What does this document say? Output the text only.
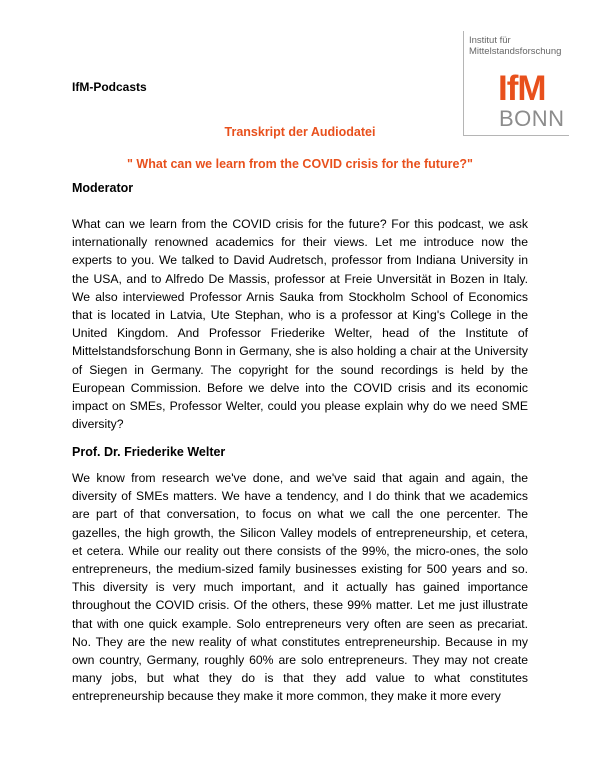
Institut für
Mittelstandsforschung
IfM
BONN
IfM-Podcasts
Transkript der Audiodatei
" What can we learn from the COVID crisis for the future?"
Moderator
What can we learn from the COVID crisis for the future? For this podcast, we ask internationally renowned academics for their views. Let me introduce now the experts to you. We talked to David Audretsch, professor from Indiana University in the USA, and to Alfredo De Massis, professor at Freie Unversität in Bozen in Italy. We also interviewed Professor Arnis Sauka from Stockholm School of Economics that is located in Latvia, Ute Stephan, who is a professor at King's College in the United Kingdom. And Professor Friederike Welter, head of the Institute of Mittelstandsforschung Bonn in Germany, she is also holding a chair at the University of Siegen in Germany. The copyright for the sound recordings is held by the European Commission. Before we delve into the COVID crisis and its economic impact on SMEs, Professor Welter, could you please explain why do we need SME diversity?
Prof. Dr. Friederike Welter
We know from research we've done, and we've said that again and again, the diversity of SMEs matters. We have a tendency, and I do think that we academics are part of that conversation, to focus on what we call the one percenter. The gazelles, the high growth, the Silicon Valley models of entrepreneurship, et cetera, et cetera. While our reality out there consists of the 99%, the micro-ones, the solo entrepreneurs, the medium-sized family businesses existing for 500 years and so. This diversity is very much important, and it actually has gained importance throughout the COVID crisis. Of the others, these 99% matter. Let me just illustrate that with one quick example. Solo entrepreneurs very often are seen as precariat. No. They are the new reality of what constitutes entrepreneurship. Because in my own country, Germany, roughly 60% are solo entrepreneurs. They may not create many jobs, but what they do is that they add value to what constitutes entrepreneurship because they make it more common, they make it more every
